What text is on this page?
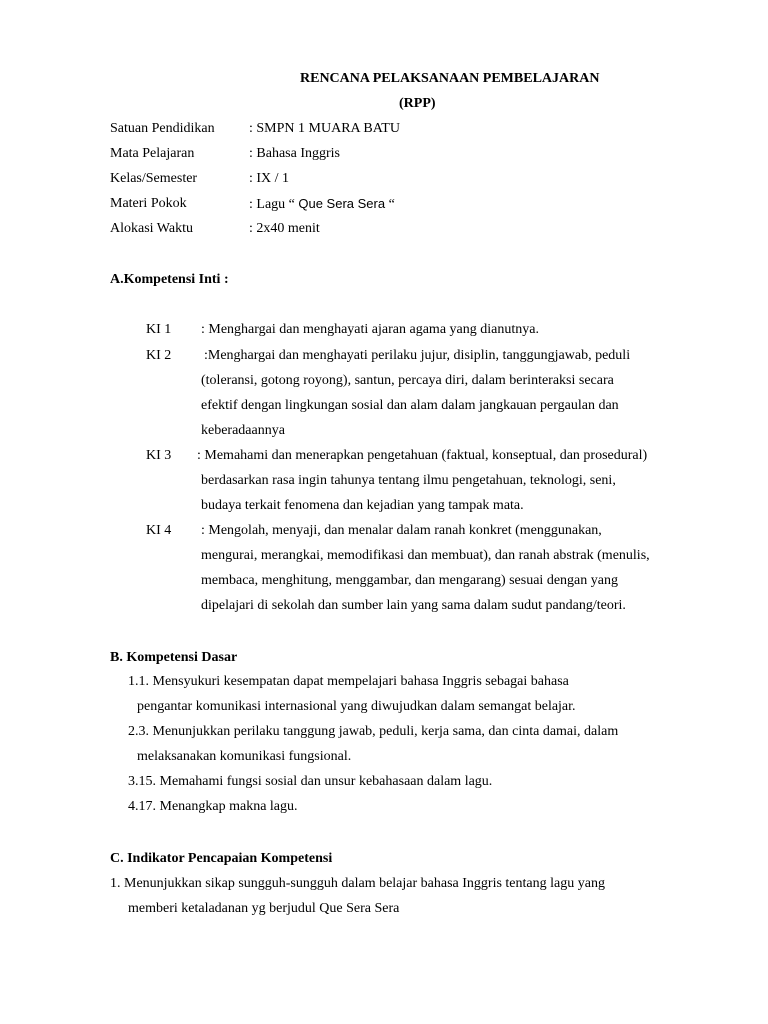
RENCANA PELAKSANAAN PEMBELAJARAN
(RPP)
Satuan Pendidikan : SMPN 1 MUARA BATU
Mata Pelajaran	: Bahasa Inggris
Kelas/Semester	: IX / 1
Materi Pokok	: Lagu “ Que Sera Sera “
Alokasi Waktu	: 2x40 menit
A.Kompetensi Inti :
KI 1 : Menghargai dan menghayati ajaran agama yang dianutnya.
KI 2 :Menghargai dan menghayati perilaku jujur, disiplin, tanggungjawab, peduli
(toleransi, gotong royong), santun, percaya diri, dalam berinteraksi secara
efektif dengan lingkungan sosial dan alam dalam jangkauan pergaulan dan
keberadaannya
KI 3 : Memahami dan menerapkan pengetahuan (faktual, konseptual, dan prosedural)
berdasarkan rasa ingin tahunya tentang ilmu pengetahuan, teknologi, seni,
budaya terkait fenomena dan kejadian yang tampak mata.
KI 4 : Mengolah, menyaji, dan menalar dalam ranah konkret (menggunakan,
mengurai, merangkai, memodifikasi dan membuat), dan ranah abstrak (menulis,
membaca, menghitung, menggambar, dan mengarang) sesuai dengan yang
dipelajari di sekolah dan sumber lain yang sama dalam sudut pandang/teori.
B. Kompetensi Dasar
1.1. Mensyukuri kesempatan dapat mempelajari bahasa Inggris sebagai bahasa
pengantar komunikasi internasional yang diwujudkan dalam semangat belajar.
2.3. Menunjukkan perilaku tanggung jawab, peduli, kerja sama, dan cinta damai, dalam
melaksanakan komunikasi fungsional.
3.15. Memahami fungsi sosial dan unsur kebahasaan dalam lagu.
4.17. Menangkap makna lagu.
C. Indikator Pencapaian Kompetensi
1. Menunjukkan sikap sungguh-sungguh dalam belajar bahasa Inggris tentang lagu yang
memberi ketaladanan yg berjudul Que Sera Sera
